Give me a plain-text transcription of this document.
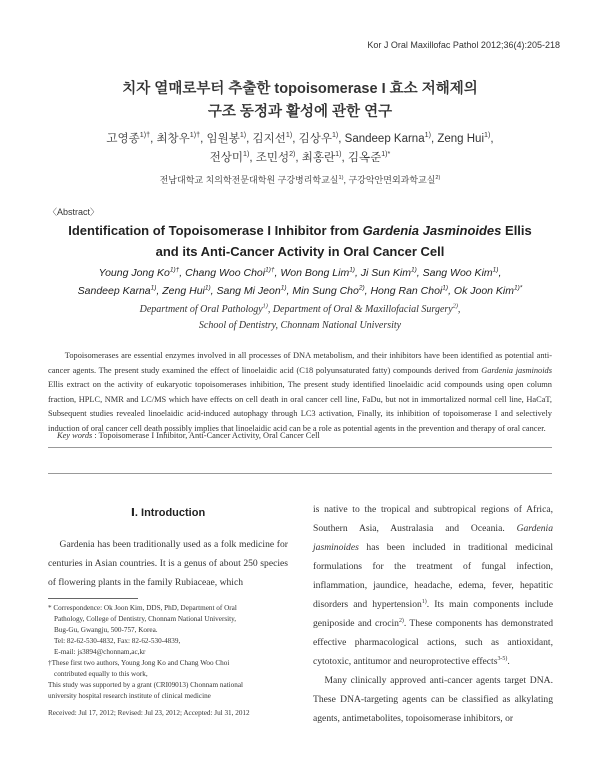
Kor J Oral Maxillofac Pathol 2012;36(4):205-218
치자 열매로부터 추출한 topoisomerase I 효소 저해제의
구조 동정과 활성에 관한 연구
고영종$^{1)\dagger}$, 최창우$^{1)\dagger}$, 임원봉$^{1)}$, 김지선$^{1)}$, 김상우$^{1)}$, Sandeep Karna$^{1)}$, Zeng Hui$^{1)}$,
전상미$^{1)}$, 조민성$^{2)}$, 최홍란$^{1)}$, 김옥준$^{1)*}$
전남대학교 치의학전문대학원 구강병리학교실$^{1)}$, 구강악안면외과학교실$^{2)}$
〈Abstract〉
Identification of Topoisomerase I Inhibitor from Gardenia Jasminoides Ellis
and its Anti-Cancer Activity in Oral Cancer Cell
Young Jong $Ko^{1)\dagger}$, Chang Woo Choi$^{1)\dagger}$, Won Bong Lim$^{1)}$, Ji Sun Kim$^{1)}$, Sang Woo Kim$^{1)}$,
Sandeep Karna$^{1)}$, Zeng Hui$^{1)}$, Sang Mi Jeon$^{1)}$, Min Sung Cho$^{2)}$, Hong Ran Choi$^{1)}$, Ok Joon Kim$^{1)*}$
Department of Oral Pathology$^{1)}$, Department of Oral & Maxillofacial Surgery$^{2)}$,
School of Dentistry, Chonnam National University
Topoisomerases are essential enzymes involved in all processes of DNA metabolism, and their inhibitors have been identified as potential anti-cancer agents. The present study examined the effect of linoelaidic acid (C18 polyunsaturated fatty) compounds derived from Gardenia jasminoids Ellis extract on the activity of eukaryotic topoisomerases inhibition, The present study identified linoelaidic acid compounds using open column fraction, HPLC, NMR and LC/MS which have effects on cell death in oral cancer cell line, FaDu, but not in immortalized normal cell line, HaCaT, Subsequent studies revealed linoelaidic acid-induced autophagy through LC3 activation, Finally, its inhibition of topoisomerase I and selectively induction of oral cancer cell death possibly implies that linoelaidic acid can be a role as potential agents in the prevention and therapy of oral cancer.
Key words : Topoisomerase I Inhibitor, Anti-Cancer Activity, Oral Cancer Cell
Ⅰ. Introduction

Gardenia has been traditionally used as a folk medicine for centuries in Asian countries. It is a genus of about 250 species of flowering plants in the family Rubiaceae, which

* Correspondence: Ok Joon Kim, DDS, PhD, Department of Oral

Pathology, College of Dentistry, Chonnam National University,

Bug-Gu, Gwangju, 500-757, Korea.

Tel: 82-62-530-4832, Fax: 82-62-530-4839,

E-mail: js3894@chonnam,ac,kr

†These first two authors, Young Jong Ko and Chang Woo Choi

contributed equally to this work,

This study was supported by a grant (CRI09013) Chonnam national

university hospital research institute of clinical medicine

Received: Jul 17, 2012; Revised: Jul 23, 2012; Accepted: Jul 31, 2012

is native to the tropical and subtropical regions of Africa, Southern Asia, Australasia and Oceania. Gardenia jasminoides has been included in traditional medicinal formulations for the treatment of fungal infection, inflammation, jaundice, headache, edema, fever, hepatitic disorders and hypertension$^{1)}$. Its main components include geniposide and crocin$^{2)}$. These components has demonstrated effective pharmacological actions, such as antioxidant, cytotoxic, antitumor and neuroprotective effects$^{3-5)}$.

Many clinically approved anti-cancer agents target DNA. These DNA-targeting agents can be classified as alkylating agents, antimetabolites, topoisomerase inhibitors, or
